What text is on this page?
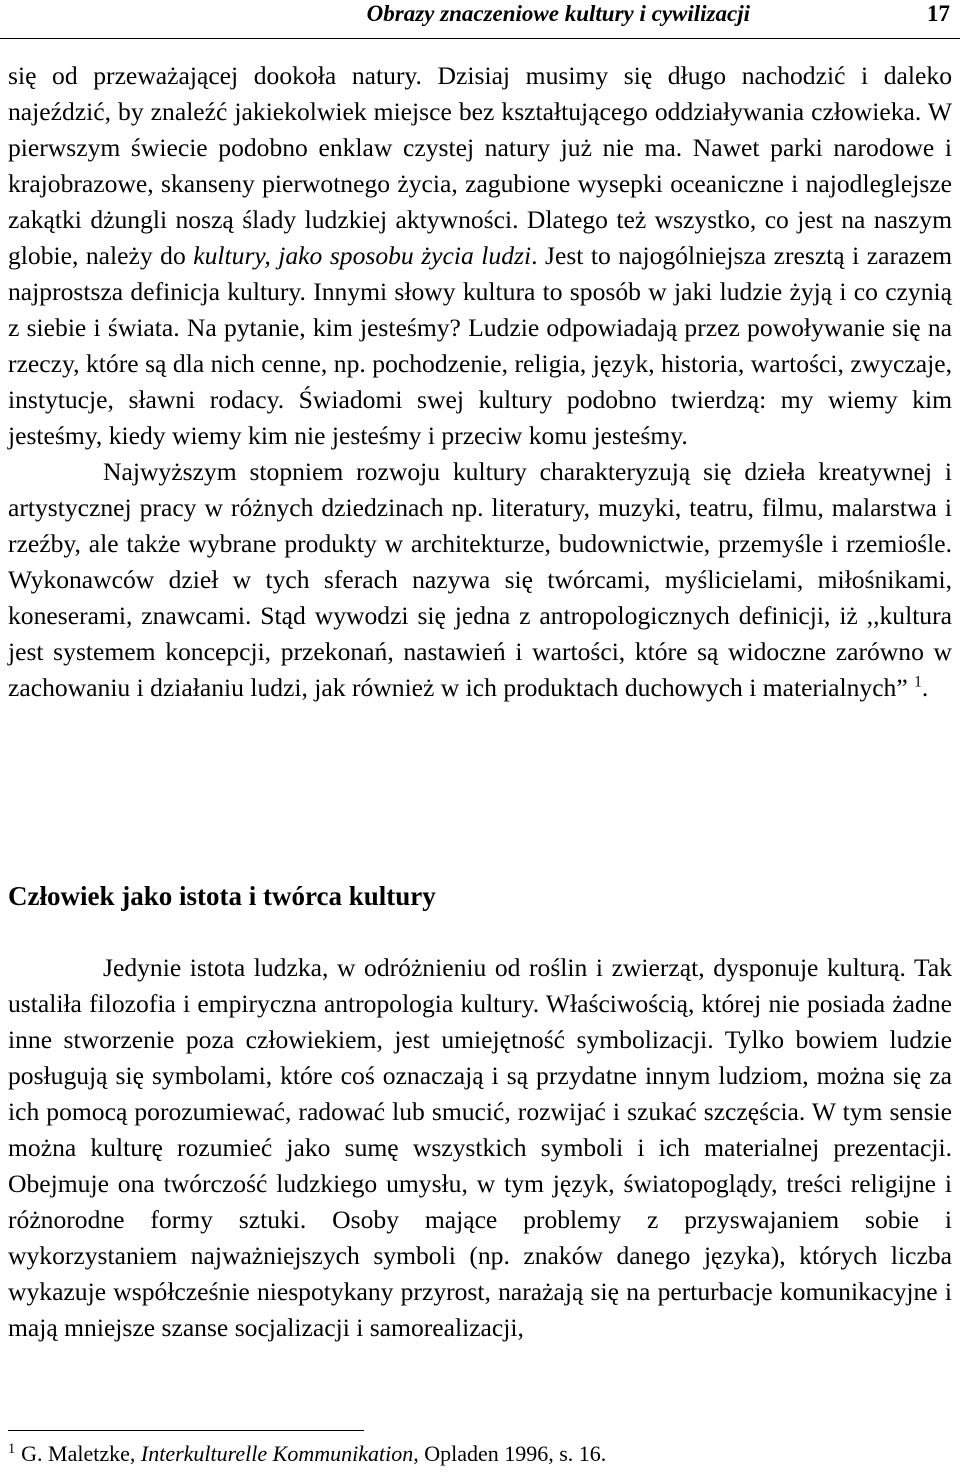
Obrazy znaczeniowe kultury i cywilizacji	17

się od przeważającej dookoła natury. Dzisiaj musimy się długo nachodzić i daleko najeździć, by znaleźć jakiekolwiek miejsce bez kształtującego oddziaływania człowieka. W pierwszym świecie podobno enklaw czystej natury już nie ma. Nawet parki narodowe i krajobrazowe, skanseny pierwotnego życia, zagubione wysepki oceaniczne i najodleglejsze zakątki dżungli noszą ślady ludzkiej aktywności. Dlatego też wszystko, co jest na naszym globie, należy do kultury, jako sposobu życia ludzi. Jest to najogólniejsza zresztą i zarazem najprostsza definicja kultury. Innymi słowy kultura to sposób w jaki ludzie żyją i co czynią z siebie i świata. Na pytanie, kim jesteśmy? Ludzie odpowiadają przez powoływanie się na rzeczy, które są dla nich cenne, np. pochodzenie, religia, język, historia, wartości, zwyczaje, instytucje, sławni rodacy. Świadomi swej kultury podobno twierdzą: my wiemy kim jesteśmy, kiedy wiemy kim nie jesteśmy i przeciw komu jesteśmy.

Najwyższym stopniem rozwoju kultury charakteryzują się dzieła kreatywnej i artystycznej pracy w różnych dziedzinach np. literatury, muzyki, teatru, filmu, malarstwa i rzeźby, ale także wybrane produkty w architekturze, budownictwie, przemyśle i rzemiośle. Wykonawców dzieł w tych sferach nazywa się twórcami, myślicielami, miłośnikami, koneserami, znawcami. Stąd wywodzi się jedna z antropologicznych definicji, iż ,,kultura jest systemem koncepcji, przekonań, nastawień i wartości, które są widoczne zarówno w zachowaniu i działaniu ludzi, jak również w ich produktach duchowych i materialnych” $^1$.

Człowiek jako istota i twórca kultury

Jedynie istota ludzka, w odróżnieniu od roślin i zwierząt, dysponuje kulturą. Tak ustaliła filozofia i empiryczna antropologia kultury. Właściwością, której nie posiada żadne inne stworzenie poza człowiekiem, jest umiejętność symbolizacji. Tylko bowiem ludzie posługują się symbolami, które coś oznaczają i są przydatne innym ludziom, można się za ich pomocą porozumiewać, radować lub smucić, rozwijać i szukać szczęścia. W tym sensie można kulturę rozumieć jako sumę wszystkich symboli i ich materialnej prezentacji. Obejmuje ona twórczość ludzkiego umysłu, w tym język, światopoglądy, treści religijne i różnorodne formy sztuki. Osoby mające problemy z przyswajaniem sobie i wykorzystaniem najważniejszych symboli (np. znaków danego języka), których liczba wykazuje współcześnie niespotykany przyrost, narażają się na perturbacje komunikacyjne i mają mniejsze szanse socjalizacji i samorealizacji,

$^1$ G. Maletzke, Interkulturelle Kommunikation, Opladen 1996, s. 16.
